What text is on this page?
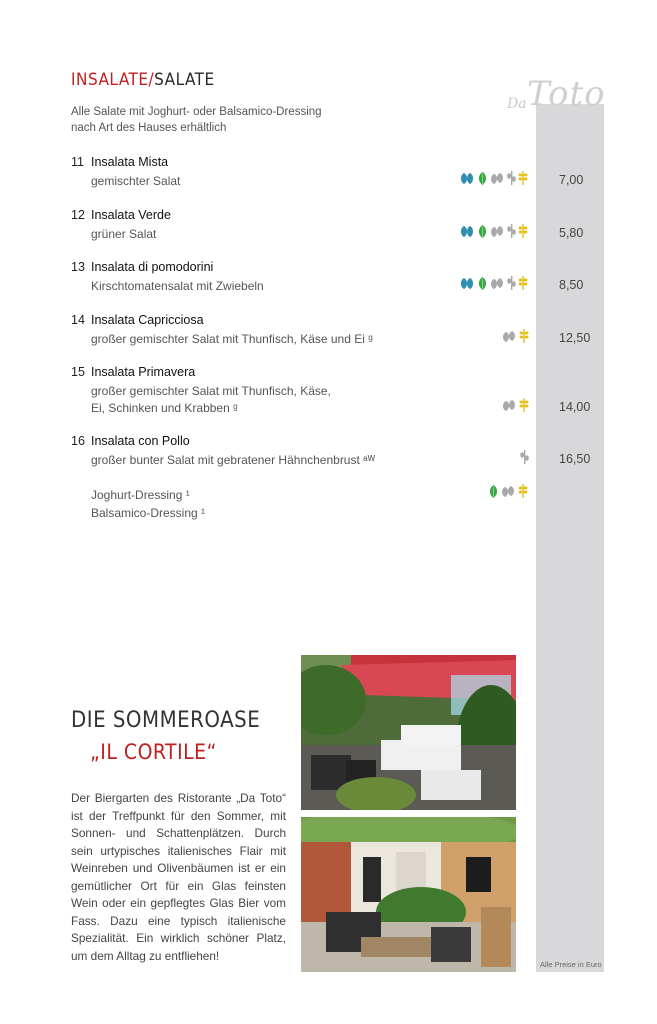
Da Toto
INSALATE/SALATE
Alle Salate mit Joghurt- oder Balsamico-Dressing
nach Art des Hauses erhältlich
11 Insalata Mista
gemischter Salat	7,00
12 Insalata Verde
grüner Salat	5,80
13 Insalata di pomodorini
Kirschtomatensalat mit Zwiebeln	8,50
14 Insalata Capricciosa
großer gemischter Salat mit Thunfisch, Käse und Ei ᵍ	12,50
15 Insalata Primavera
großer gemischter Salat mit Thunfisch, Käse,
Ei, Schinken und Krabben ᵍ	14,00
16 Insalata con Pollo
großer bunter Salat mit gebratener Hähnchenbrust ᵃᵂ	16,50
Joghurt-Dressing ¹
Balsamico-Dressing ¹
DIE SOMMEROASE
„IL CORTILE“
Der Biergarten des Ristorante „Da Toto“ ist der Treffpunkt für den Sommer, mit Sonnen- und Schattenplätzen. Durch sein urtypisches italienisches Flair mit Weinreben und Olivenbäumen ist er ein gemütlicher Ort für ein Glas feinsten Wein oder ein gepflegtes Glas Bier vom Fass. Dazu eine typisch italienische Spezialität. Ein wirklich schöner Platz, um dem Alltag zu entfliehen!
Alle Preise in Euro
